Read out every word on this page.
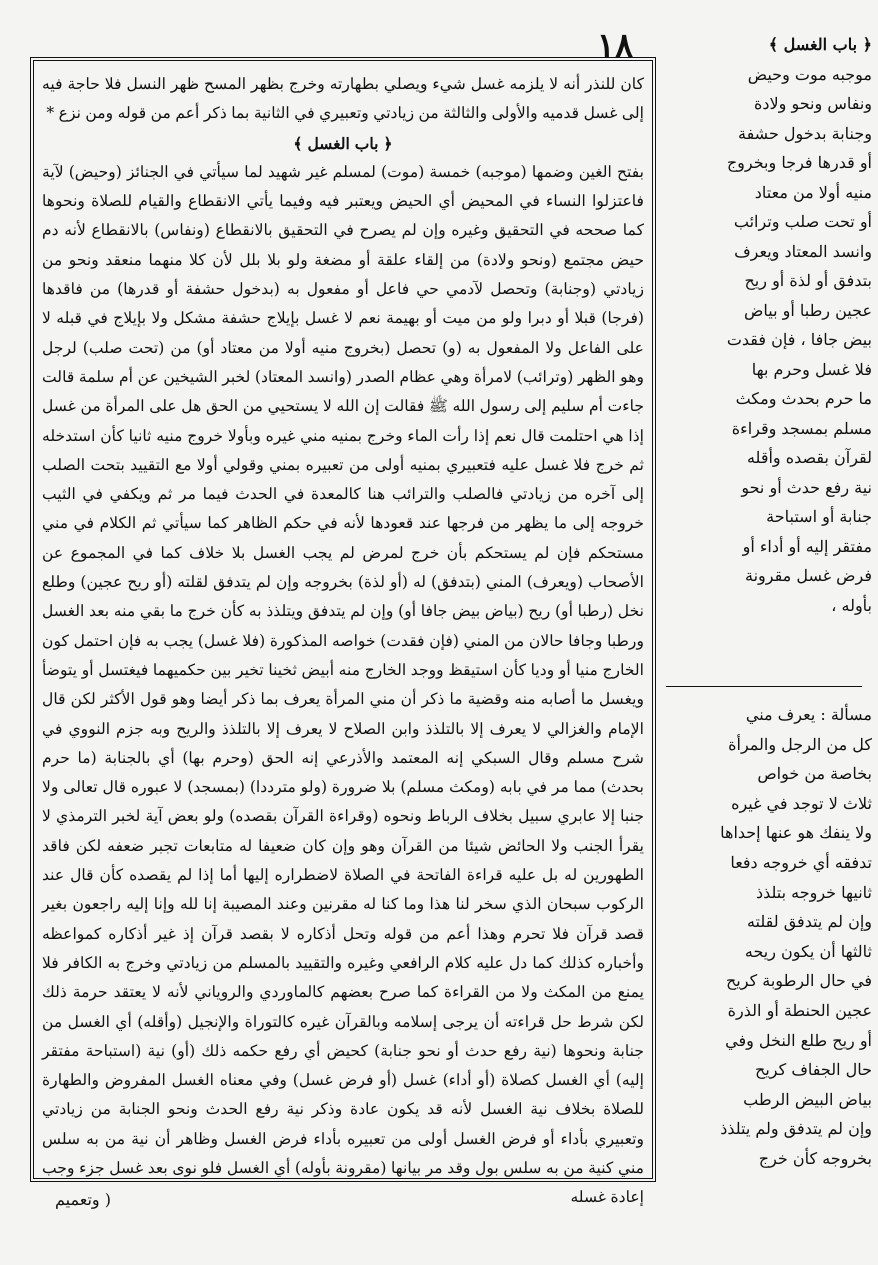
١٨

كان للنذر أنه لا يلزمه غسل شيء ويصلي بطهارته وخرج بظهر المسح ظهر النسل فلا حاجة فيه إلى غسل قدميه والأولى والثالثة من زيادتي وتعبيري في الثانية بما ذكر أعم من قوله ومن نزع *

﴿ باب الغسل ﴾

بفتح الغين وضمها (موجبه) خمسة (موت) لمسلم غير شهيد لما سيأتي في الجنائز (وحيض) لآية فاعتزلوا النساء في المحيض أي الحيض ويعتبر فيه وفيما يأتي الانقطاع والقيام للصلاة ونحوها كما صححه في التحقيق وغيره وإن لم يصرح في التحقيق بالانقطاع (ونفاس) بالانقطاع لأنه دم حيض مجتمع (ونحو ولادة) من إلقاء علقة أو مضغة ولو بلا بلل لأن كلا منهما منعقد ونحو من زيادتي (وجنابة) وتحصل لآدمي حي فاعل أو مفعول به (بدخول حشفة أو قدرها) من فاقدها (فرجا) قبلا أو دبرا ولو من ميت أو بهيمة نعم لا غسل بإيلاج حشفة مشكل ولا بإيلاج في قبله لا على الفاعل ولا المفعول به (و) تحصل (بخروج منيه أولا من معتاد أو) من (تحت صلب) لرجل وهو الظهر (وترائب) لامرأة وهي عظام الصدر (وانسد المعتاد) لخبر الشيخين عن أم سلمة قالت جاءت أم سليم إلى رسول الله ﷺ فقالت إن الله لا يستحيي من الحق هل على المرأة من غسل إذا هي احتلمت قال نعم إذا رأت الماء وخرج بمنيه مني غيره وبأولا خروج منيه ثانيا كأن استدخله ثم خرج فلا غسل عليه فتعبيري بمنيه أولى من تعبيره بمني وقولي أولا مع التقييد بتحت الصلب إلى آخره من زيادتي فالصلب والترائب هنا كالمعدة في الحدث فيما مر ثم ويكفي في الثيب خروجه إلى ما يظهر من فرجها عند قعودها لأنه في حكم الظاهر كما سيأتي ثم الكلام في مني مستحكم فإن لم يستحكم بأن خرج لمرض لم يجب الغسل بلا خلاف كما في المجموع عن الأصحاب (ويعرف) المني (بتدفق) له (أو لذة) بخروجه وإن لم يتدفق لقلته (أو ريح عجين) وطلع نخل (رطبا أو) ريح (بياض بيض جافا أو) وإن لم يتدفق ويتلذذ به كأن خرج ما بقي منه بعد الغسل ورطبا وجافا حالان من المني (فإن فقدت) خواصه المذكورة (فلا غسل) يجب به فإن احتمل كون الخارج منيا أو وديا كأن استيقظ ووجد الخارج منه أبيض ثخينا تخير بين حكميهما فيغتسل أو يتوضأ ويغسل ما أصابه منه وقضية ما ذكر أن مني المرأة يعرف بما ذكر أيضا وهو قول الأكثر لكن قال الإمام والغزالي لا يعرف إلا بالتلذذ وابن الصلاح لا يعرف إلا بالتلذذ والريح وبه جزم النووي في شرح مسلم وقال السبكي إنه المعتمد والأذرعي إنه الحق (وحرم بها) أي بالجنابة (ما حرم بحدث) مما مر في بابه (ومكث مسلم) بلا ضرورة (ولو مترددا) (بمسجد) لا عبوره قال تعالى ولا جنبا إلا عابري سبيل بخلاف الرباط ونحوه (وقراءة القرآن بقصده) ولو بعض آية لخبر الترمذي لا يقرأ الجنب ولا الحائض شيئا من القرآن وهو وإن كان ضعيفا له متابعات تجبر ضعفه لكن فاقد الطهورين له بل عليه قراءة الفاتحة في الصلاة لاضطراره إليها أما إذا لم يقصده كأن قال عند الركوب سبحان الذي سخر لنا هذا وما كنا له مقرنين وعند المصيبة إنا لله وإنا إليه راجعون بغير قصد قرآن فلا تحرم وهذا أعم من قوله وتحل أذكاره لا بقصد قرآن إذ غير أذكاره كمواعظه وأخباره كذلك كما دل عليه كلام الرافعي وغيره والتقييد بالمسلم من زيادتي وخرج به الكافر فلا يمنع من المكث ولا من القراءة كما صرح بعضهم كالماوردي والروياني لأنه لا يعتقد حرمة ذلك لكن شرط حل قراءته أن يرجى إسلامه وبالقرآن غيره كالتوراة والإنجيل (وأقله) أي الغسل من جنابة ونحوها (نية رفع حدث أو نحو جنابة) كحيض أي رفع حكمه ذلك (أو) نية (استباحة مفتقر إليه) أي الغسل كصلاة (أو أداء) غسل (أو فرض غسل) وفي معناه الغسل المفروض والطهارة للصلاة بخلاف نية الغسل لأنه قد يكون عادة وذكر نية رفع الحدث ونحو الجنابة من زيادتي وتعبيري بأداء أو فرض الغسل أولى من تعبيره بأداء فرض الغسل وظاهر أن نية من به سلس مني كنية من به سلس بول وقد مر بيانها (مقرونة بأوله) أي الغسل فلو نوى بعد غسل جزء وجب إعادة غسله

﴿ باب الغسل ﴾

موجبه موت وحيض

ونفاس ونحو ولادة

وجنابة بدخول حشفة

أو قدرها فرجا وبخروج

منيه أولا من معتاد

أو تحت صلب وترائب

وانسد المعتاد ويعرف

بتدفق أو لذة أو ريح

عجين رطبا أو بياض

بيض جافا ، فإن فقدت

فلا غسل وحرم بها

ما حرم بحدث ومكث

مسلم بمسجد وقراءة

لقرآن بقصده وأقله

نية رفع حدث أو نحو

جنابة أو استباحة

مفتقر إليه أو أداء أو

فرض غسل مقرونة

بأوله ،

مسألة : يعرف مني

كل من الرجل والمرأة

بخاصة من خواص

ثلاث لا توجد في غيره

ولا ينفك هو عنها إحداها

تدفقه أي خروجه دفعا

ثانيها خروجه بتلذذ

وإن لم يتدفق لقلته

ثالثها أن يكون ريحه

في حال الرطوبة كريح

عجين الحنطة أو الذرة

أو ريح طلع النخل وفي

حال الجفاف كريح

بياض البيض الرطب

وإن لم يتدفق ولم يتلذذ

بخروجه كأن خرج

( وتعميم
